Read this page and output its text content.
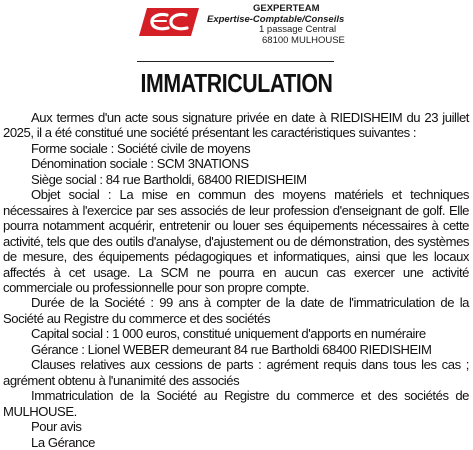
GEXPERTEAM
Expertise-Comptable/Conseils
1 passage Central
68100 MULHOUSE
IMMATRICULATION

Aux termes d'un acte sous signature privée en date à RIEDISHEIM du 23 juillet 2025, il a été constitué une société présentant les caractéristiques suivantes :

Forme sociale : Société civile de moyens

Dénomination sociale : SCM 3NATIONS

Siège social : 84 rue Bartholdi, 68400 RIEDISHEIM

Objet social : La mise en commun des moyens matériels et techniques nécessaires à l'exercice par ses associés de leur profession d'enseignant de golf. Elle pourra notamment acquérir, entretenir ou louer ses équipements nécessaires à cette activité, tels que des outils d'analyse, d'ajustement ou de démonstration, des systèmes de mesure, des équipements pédagogiques et informatiques, ainsi que les locaux affectés à cet usage. La SCM ne pourra en aucun cas exercer une activité commerciale ou professionnelle pour son propre compte.

Durée de la Société : 99 ans à compter de la date de l'immatriculation de la Société au Registre du commerce et des sociétés

Capital social : 1 000 euros, constitué uniquement d'apports en numéraire

Gérance : Lionel WEBER demeurant 84 rue Bartholdi 68400 RIEDISHEIM

Clauses relatives aux cessions de parts : agrément requis dans tous les cas ; agrément obtenu à l'unanimité des associés

Immatriculation de la Société au Registre du commerce et des sociétés de MULHOUSE.

Pour avis

La Gérance
